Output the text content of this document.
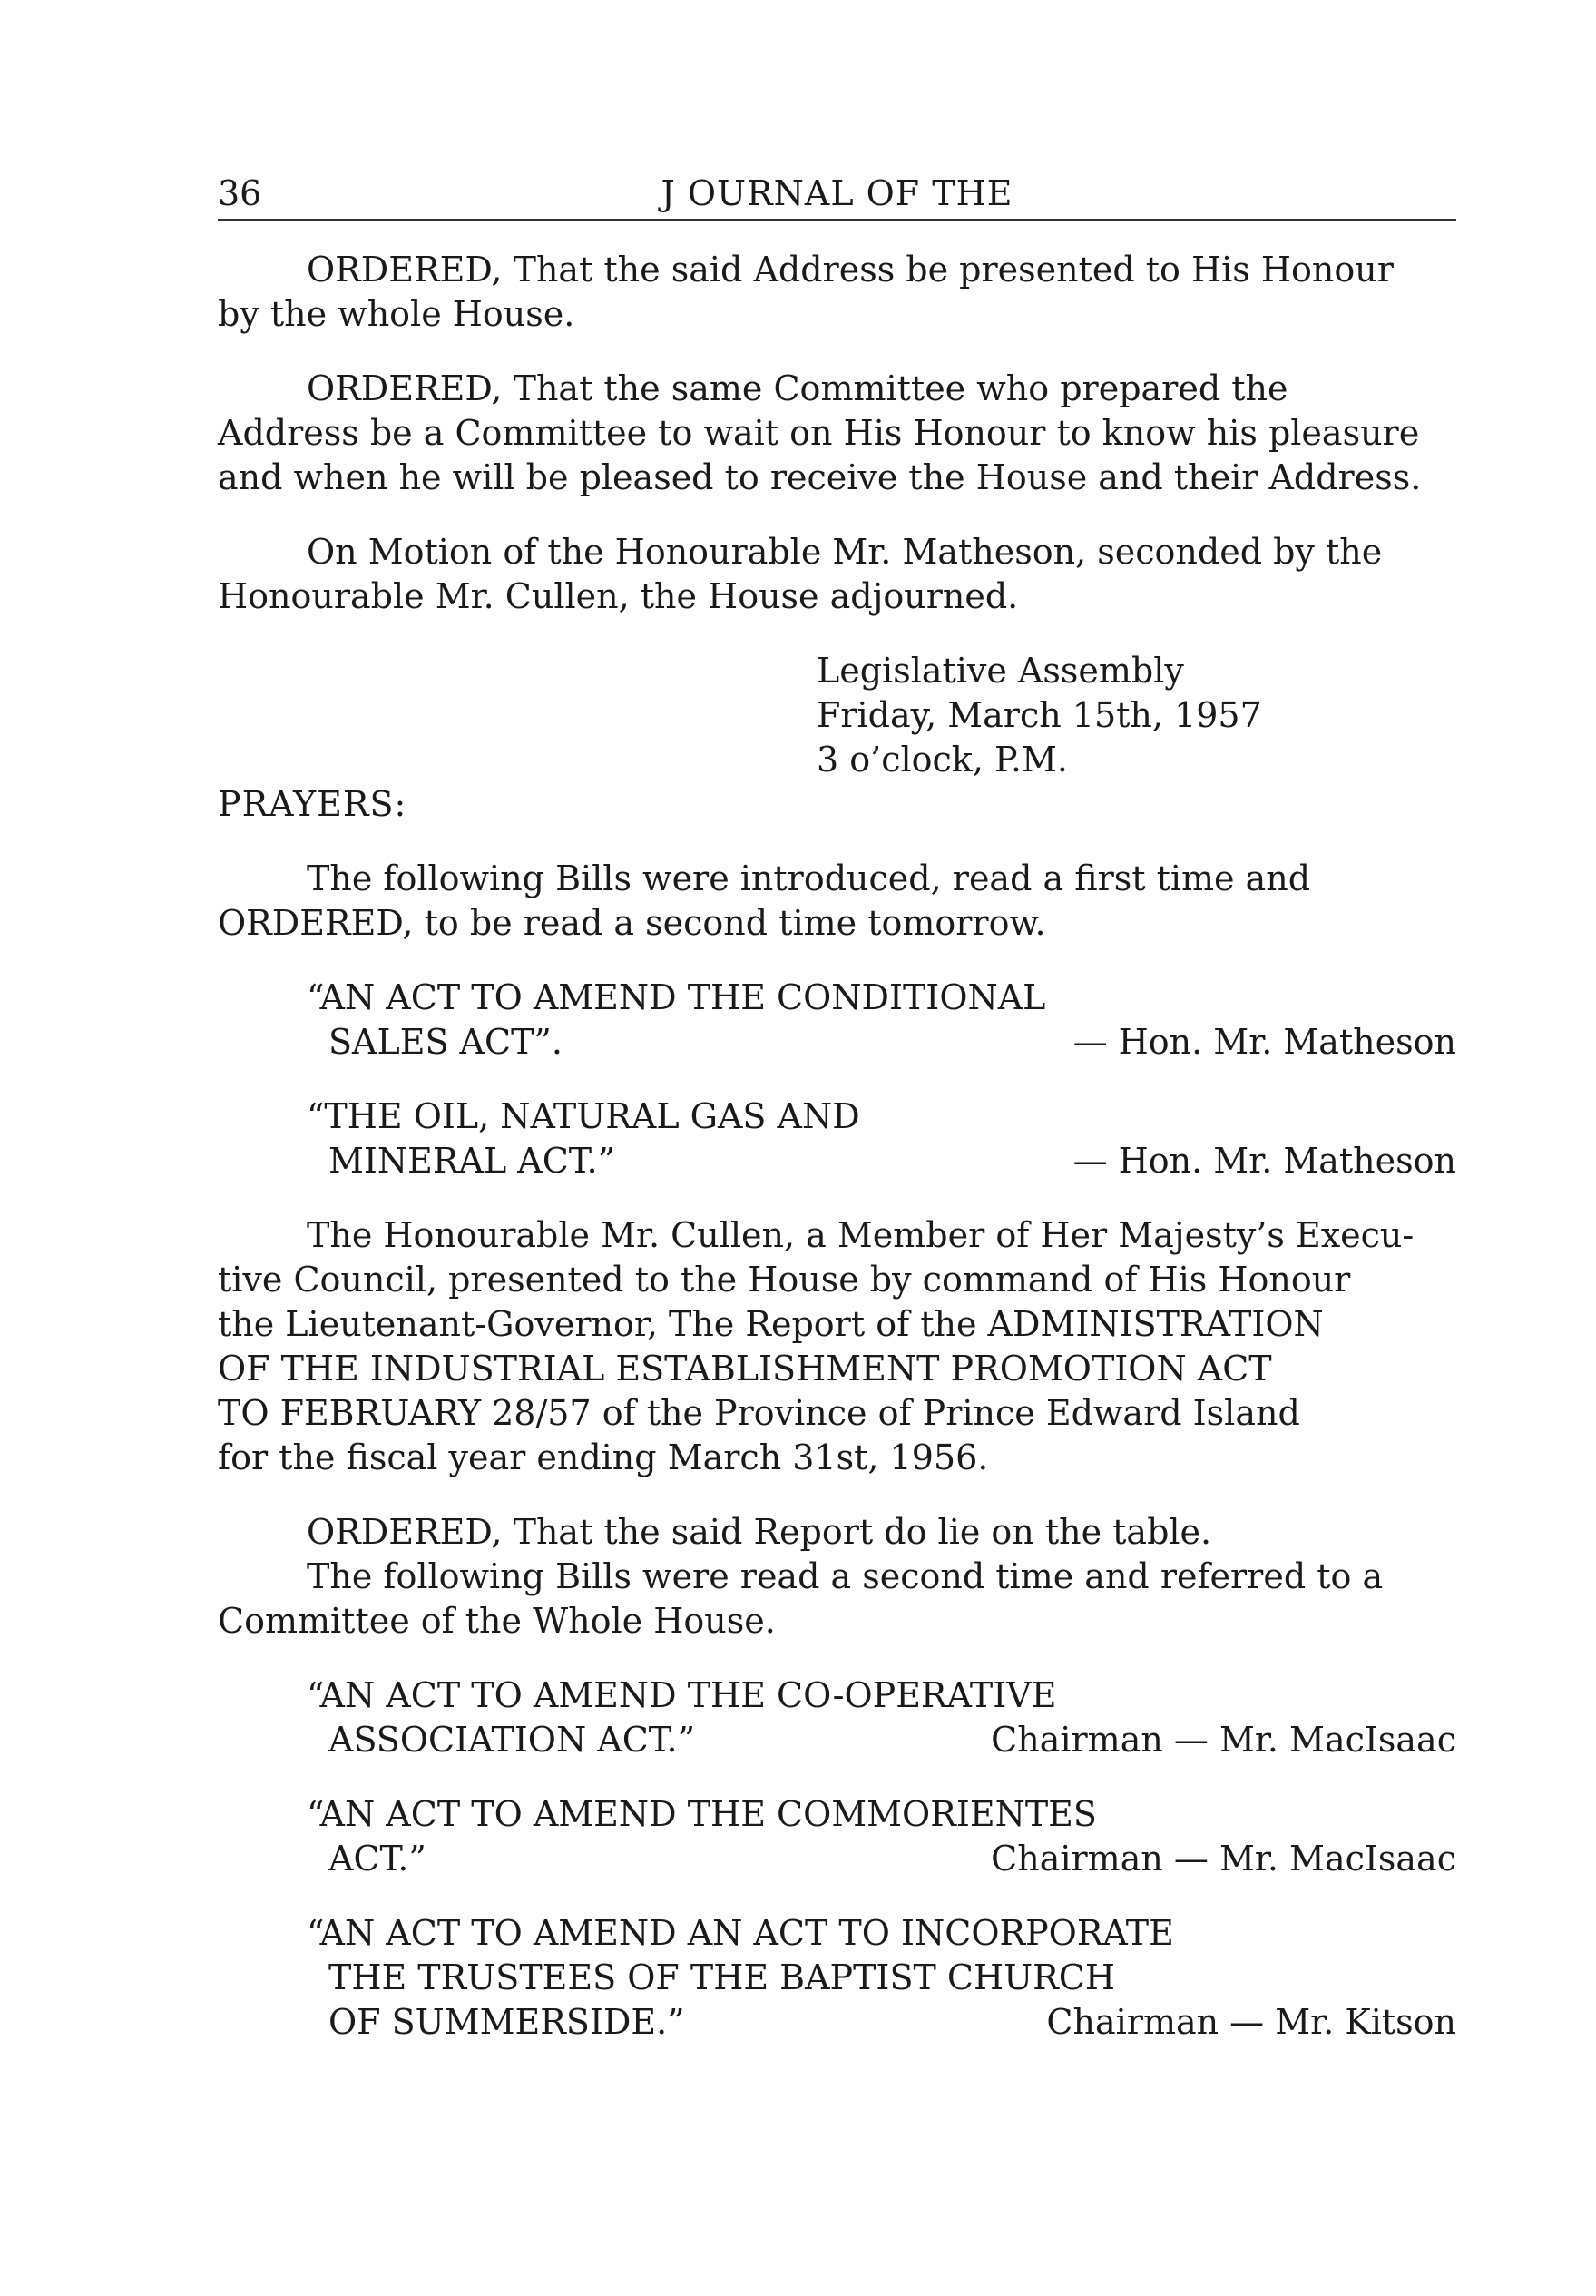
36	J OURNAL OF THE

ORDERED, That the said Address be presented to His Honour
by the whole House.

ORDERED, That the same Committee who prepared the
Address be a Committee to wait on His Honour to know his pleasure
and when he will be pleased to receive the House and their Address.

On Motion of the Honourable Mr. Matheson, seconded by the
Honourable Mr. Cullen, the House adjourned.

Legislative Assembly
Friday, March 15th, 1957
3 o’clock, P.M.
PRAYERS:

The following Bills were introduced, read a first time and
ORDERED, to be read a second time tomorrow.

“AN ACT TO AMEND THE CONDITIONAL
SALES ACT”.	— Hon. Mr. Matheson
“THE OIL, NATURAL GAS AND
MINERAL ACT.”	— Hon. Mr. Matheson

The Honourable Mr. Cullen, a Member of Her Majesty’s Execu-
tive Council, presented to the House by command of His Honour
the Lieutenant-Governor, The Report of the ADMINISTRATION
OF THE INDUSTRIAL ESTABLISHMENT PROMOTION ACT
TO FEBRUARY 28/57 of the Province of Prince Edward Island
for the fiscal year ending March 31st, 1956.

ORDERED, That the said Report do lie on the table.

The following Bills were read a second time and referred to a
Committee of the Whole House.

“AN ACT TO AMEND THE CO-OPERATIVE
ASSOCIATION ACT.”	Chairman — Mr. MacIsaac
“AN ACT TO AMEND THE COMMORIENTES
ACT.”	Chairman — Mr. MacIsaac
“AN ACT TO AMEND AN ACT TO INCORPORATE
THE TRUSTEES OF THE BAPTIST CHURCH
OF SUMMERSIDE.”	Chairman — Mr. Kitson
